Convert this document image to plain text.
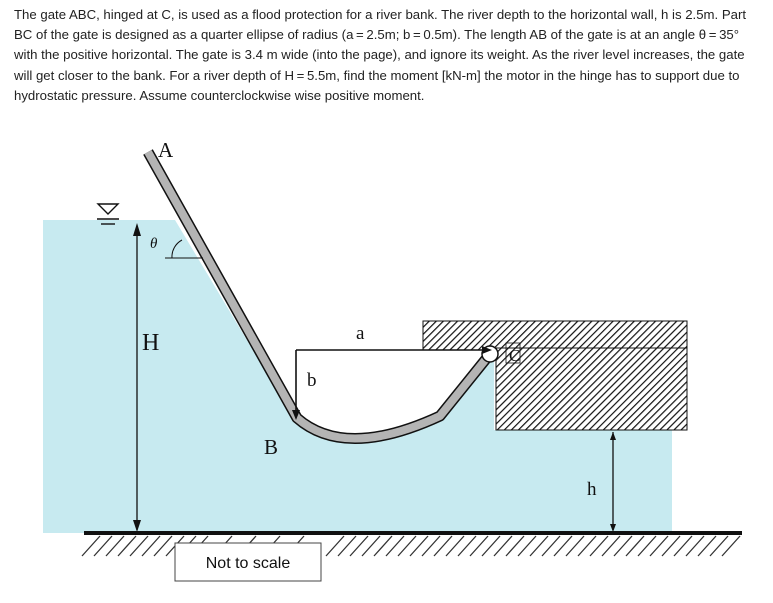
The gate ABC, hinged at C, is used as a flood protection for a river bank. The river depth to the horizontal wall, h is 2.5m. Part BC of the gate is designed as a quarter ellipse of radius (a = 2.5m; b = 0.5m). The length AB of the gate is at an angle θ = 35° with the positive horizontal. The gate is 3.4 m wide (into the page), and ignore its weight. As the river level increases, the gate will get closer to the bank. For a river depth of H = 5.5m, find the moment [kN-m] the motor in the hinge has to support due to hydrostatic pressure. Assume counterclockwise wise positive moment.

A
B
C
H
h
a
b
θ
Not to scale
